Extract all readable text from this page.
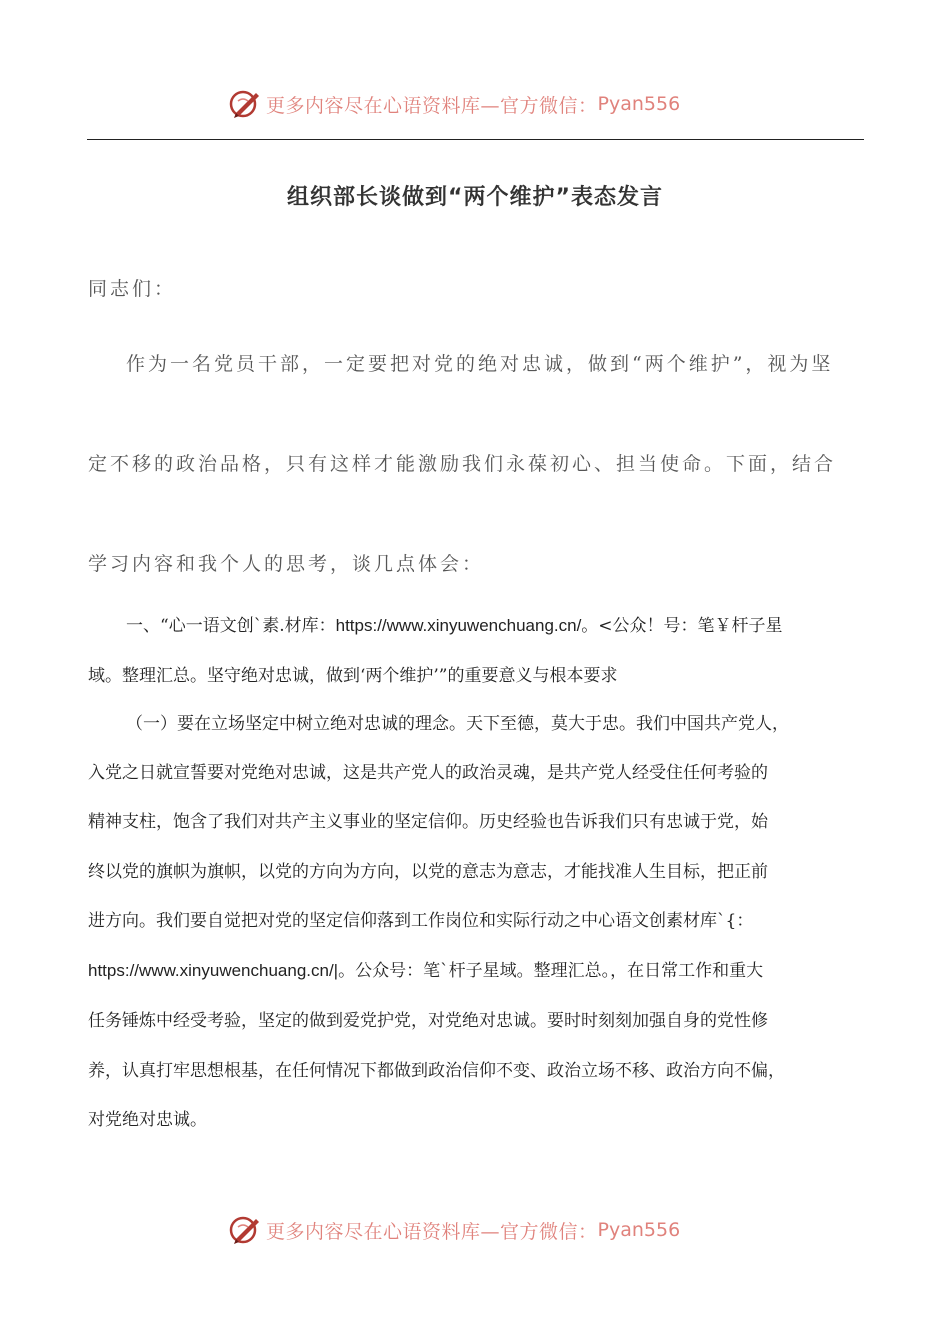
更多内容尽在心语资料库—官方微信： Pyan556
组织部长谈做到“两个维护”表态发言
同志们：
作为一名党员干部，一定要把对党的绝对忠诚，做到“两个维护”，视为坚
定不移的政治品格，只有这样才能激励我们永葆初心、担当使命。下面，结合
学习内容和我个人的思考，谈几点体会：
一、“心一语文创`素.材库：https://www.xinyuwenchuang.cn/。<公众！号：笔￥杆子星
域。整理汇总。坚守绝对忠诚，做到‘两个维护’”的重要意义与根本要求
（一）要在立场坚定中树立绝对忠诚的理念。天下至德，莫大于忠。我们中国共产党人，
入党之日就宣誓要对党绝对忠诚，这是共产党人的政治灵魂，是共产党人经受住任何考验的
精神支柱，饱含了我们对共产主义事业的坚定信仰。历史经验也告诉我们只有忠诚于党，始
终以党的旗帜为旗帜，以党的方向为方向，以党的意志为意志，才能找准人生目标，把正前
进方向。我们要自觉把对党的坚定信仰落到工作岗位和实际行动之中心语文创素材库`{：
https://www.xinyuwenchuang.cn/|。公众号：笔`杆子星域。整理汇总。，在日常工作和重大
任务锤炼中经受考验，坚定的做到爱党护党，对党绝对忠诚。要时时刻刻加强自身的党性修
养，认真打牢思想根基，在任何情况下都做到政治信仰不变、政治立场不移、政治方向不偏，
对党绝对忠诚。
更多内容尽在心语资料库—官方微信： Pyan556
